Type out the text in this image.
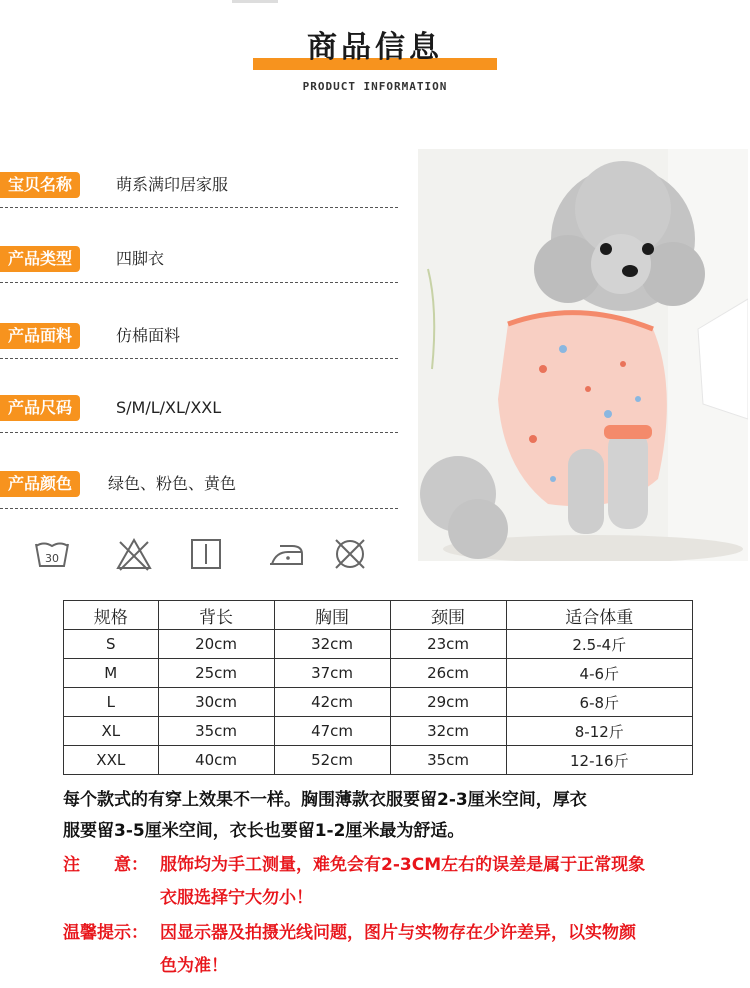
商品信息
PRODUCT INFORMATION
宝贝名称	萌系满印居家服
产品类型	四脚衣
产品面料	仿棉面料
产品尺码	S/M/L/XL/XXL
产品颜色	绿色、粉色、黄色
30
规格	背长	胸围	颈围	适合体重
S	20cm	32cm	23cm	2.5-4斤
M	25cm	37cm	26cm	4-6斤
L	30cm	42cm	29cm	6-8斤
XL	35cm	47cm	32cm	8-12斤
XXL	40cm	52cm	35cm	12-16斤
每个款式的有穿上效果不一样。胸围薄款衣服要留2-3厘米空间，厚衣
服要留3-5厘米空间，衣长也要留1-2厘米最为舒适。
注　　意： 服饰均为手工测量，难免会有2-3CM左右的误差是属于正常现象
衣服选择宁大勿小！
温馨提示： 因显示器及拍摄光线问题，图片与实物存在少许差异，以实物颜
色为准！
